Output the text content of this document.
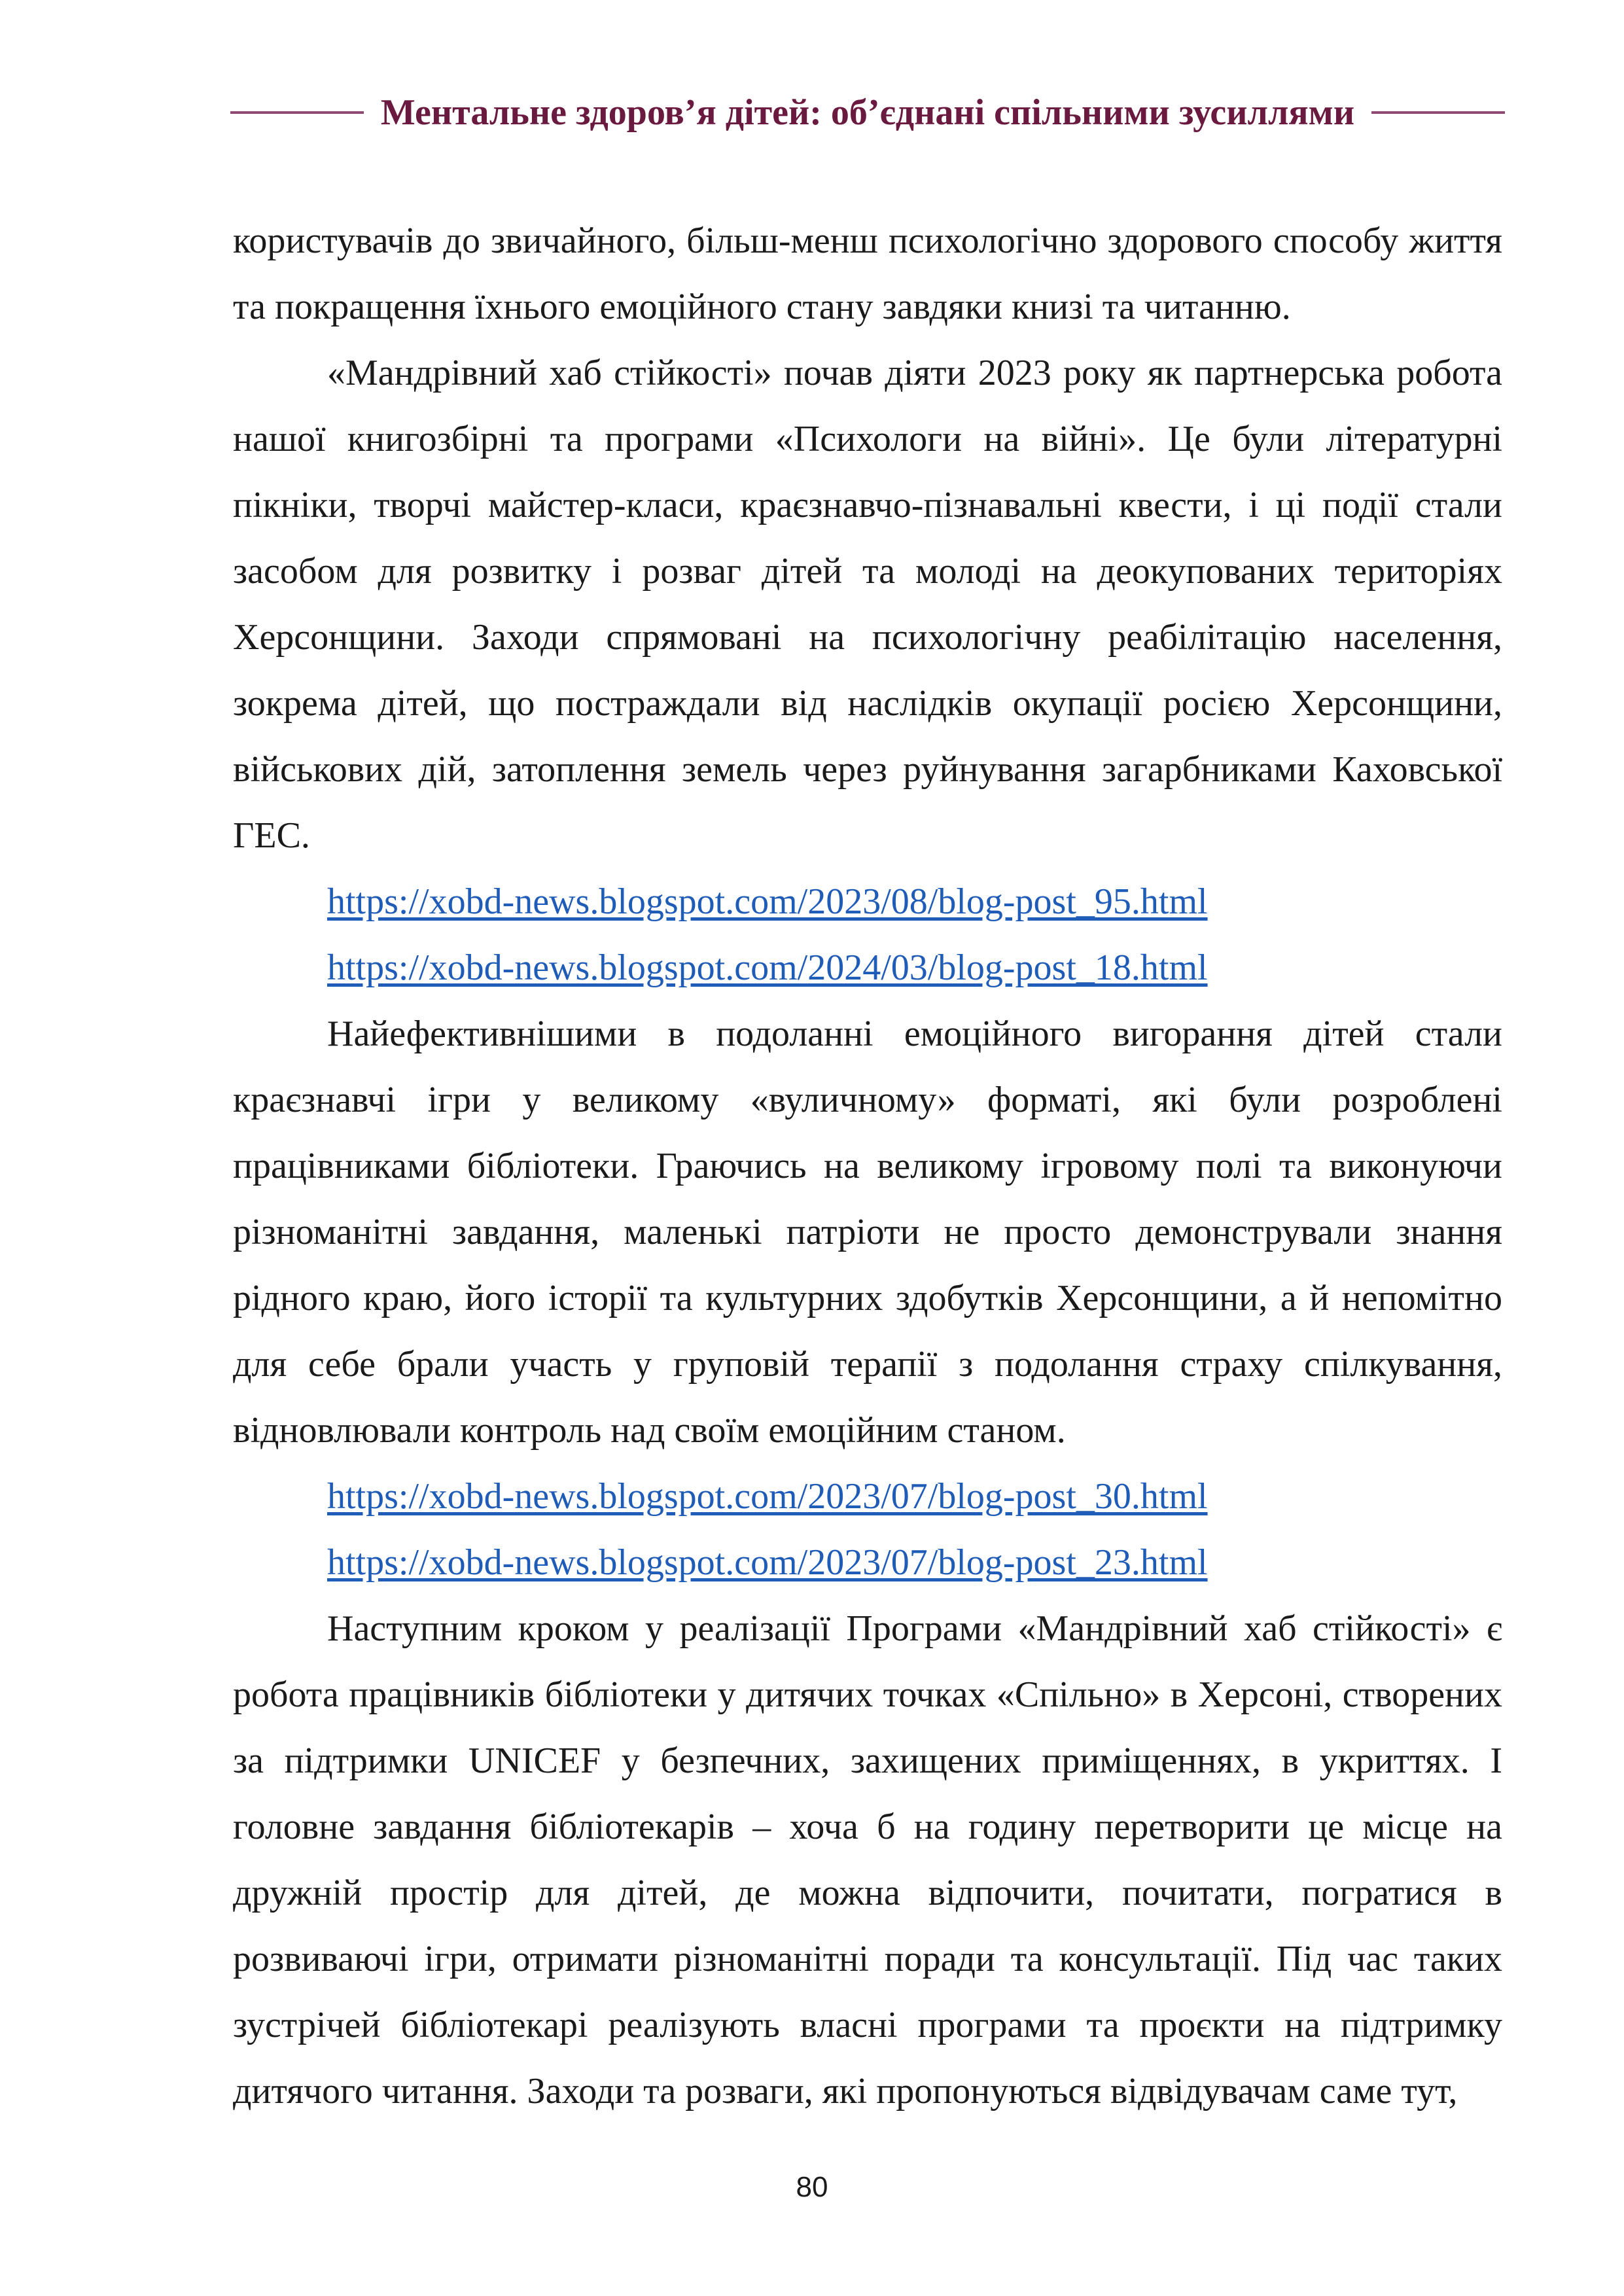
Ментальне здоров’я дітей: об’єднані спільними зусиллями

користувачів до звичайного, більш-менш психологічно здорового способу життя та покращення їхнього емоційного стану завдяки книзі та читанню.

«Мандрівний хаб стійкості» почав діяти 2023 року як партнерська робота нашої книгозбірні та програми «Психологи на війні». Це були літературні пікніки, творчі майстер-класи, краєзнавчо-пізнавальні квести, і ці події стали засобом для розвитку і розваг дітей та молоді на деокупованих територіях Херсонщини. Заходи спрямовані на психологічну реабілітацію населення, зокрема дітей, що постраждали від наслідків окупації росією Херсонщини, військових дій, затоплення земель через руйнування загарбниками Каховської ГЕС.

https://xobd-news.blogspot.com/2023/08/blog-post_95.html

https://xobd-news.blogspot.com/2024/03/blog-post_18.html

Найефективнішими в подоланні емоційного вигорання дітей стали краєзнавчі ігри у великому «вуличному» форматі, які були розроблені працівниками бібліотеки. Граючись на великому ігровому полі та виконуючи різноманітні завдання, маленькі патріоти не просто демонстрували знання рідного краю, його історії та культурних здобутків Херсонщини, а й непомітно для себе брали участь у груповій терапії з подолання страху спілкування, відновлювали контроль над своїм емоційним станом.

https://xobd-news.blogspot.com/2023/07/blog-post_30.html

https://xobd-news.blogspot.com/2023/07/blog-post_23.html

Наступним кроком у реалізації Програми «Мандрівний хаб стійкості» є робота працівників бібліотеки у дитячих точках «Спільно» в Херсоні, створених за підтримки UNICEF у безпечних, захищених приміщеннях, в укриттях. І головне завдання бібліотекарів – хоча б на годину перетворити це місце на дружній простір для дітей, де можна відпочити, почитати, погратися в розвиваючі ігри, отримати різноманітні поради та консультації. Під час таких зустрічей бібліотекарі реалізують власні програми та проєкти на підтримку дитячого читання. Заходи та розваги, які пропонуються відвідувачам саме тут,

80
